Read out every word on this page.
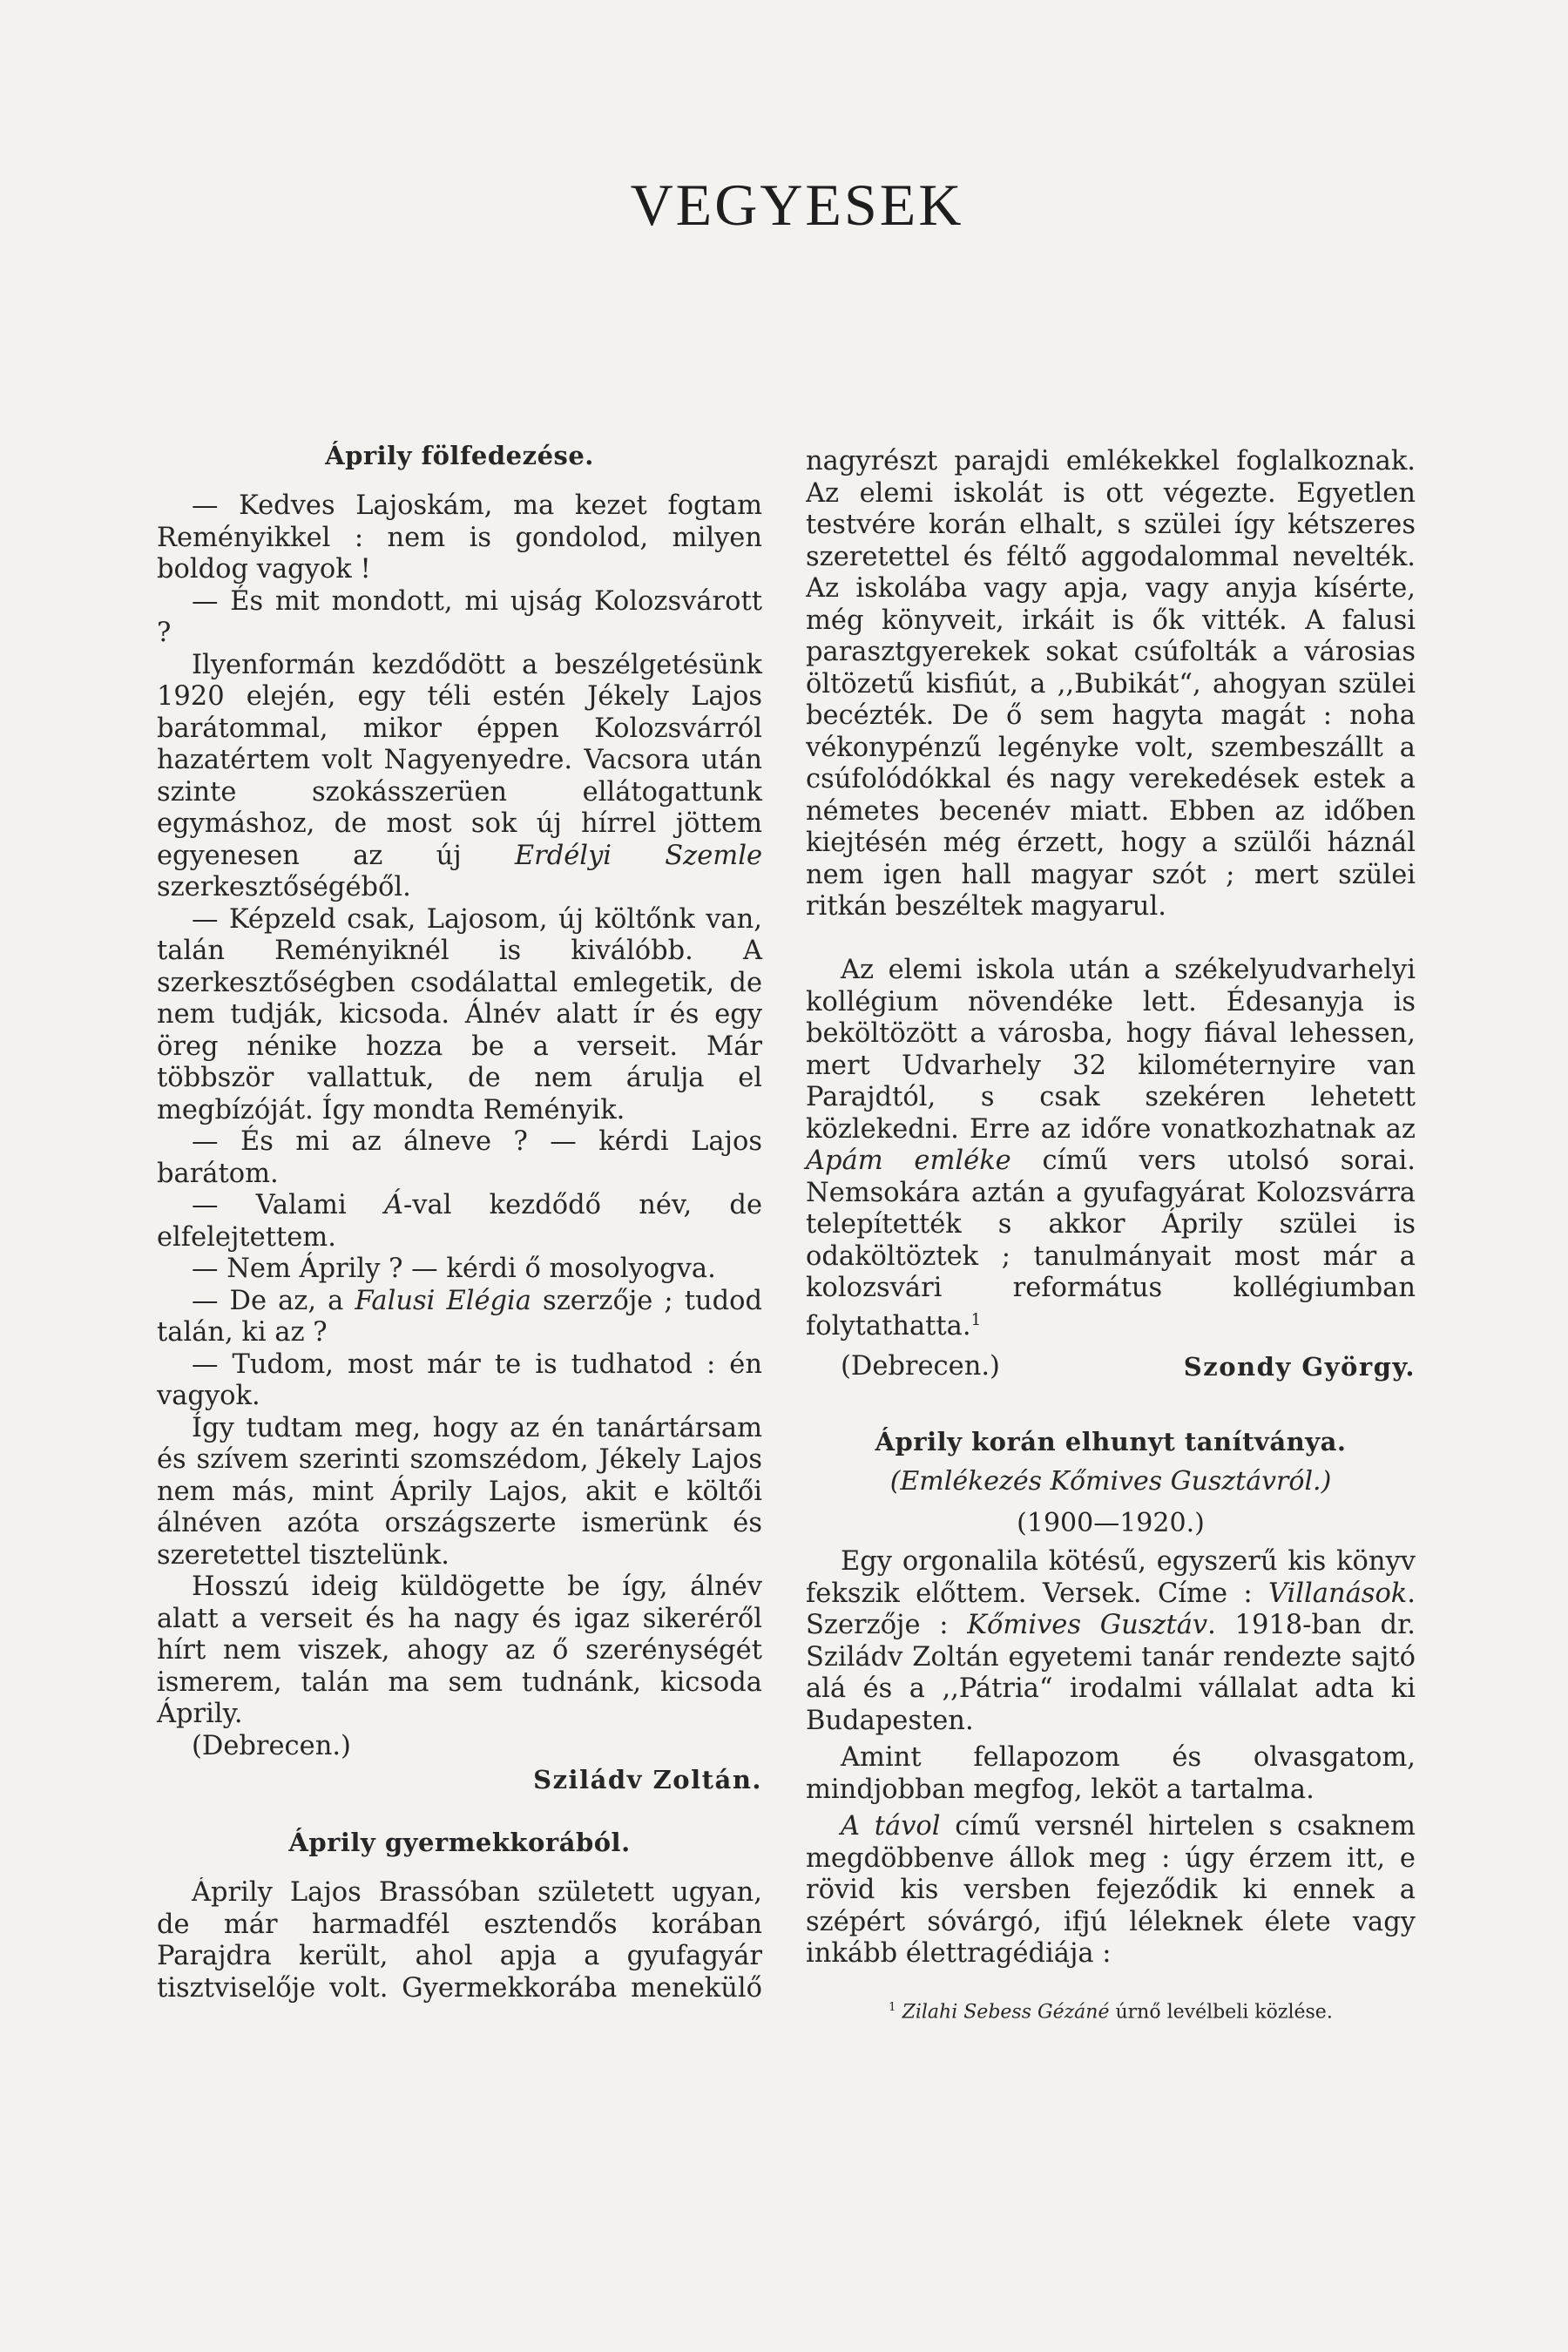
VEGYESEK
Áprily fölfedezése.

— Kedves Lajoskám, ma kezet fogtam Reményikkel : nem is gondolod, milyen boldog vagyok !

— És mit mondott, mi ujság Kolozsvárott ?

Ilyenformán kezdődött a beszélgetésünk 1920 elején, egy téli estén Jékely Lajos barátommal, mikor éppen Kolozsvárról hazatértem volt Nagyenyedre. Vacsora után szinte szokásszerüen ellátogattunk egymáshoz, de most sok új hírrel jöttem egyenesen az új Erdélyi Szemle szerkesztőségéből.

— Képzeld csak, Lajosom, új költőnk van, talán Reményiknél is kiválóbb. A szerkesztőségben csodálattal emlegetik, de nem tudják, kicsoda. Álnév alatt ír és egy öreg nénike hozza be a verseit. Már többször vallattuk, de nem árulja el megbízóját. Így mondta Reményik.

— És mi az álneve ? — kérdi Lajos barátom.

— Valami Á-val kezdődő név, de elfelejtettem.

— Nem Áprily ? — kérdi ő mosolyogva.

— De az, a Falusi Elégia szerzője ; tudod talán, ki az ?

— Tudom, most már te is tudhatod : én vagyok.

Így tudtam meg, hogy az én tanártársam és szívem szerinti szomszédom, Jékely Lajos nem más, mint Áprily Lajos, akit e költői álnéven azóta országszerte ismerünk és szeretettel tisztelünk.

Hosszú ideig küldögette be így, álnév alatt a verseit és ha nagy és igaz sikeréről hírt nem viszek, ahogy az ő szerénységét ismerem, talán ma sem tudnánk, kicsoda Áprily.

(Debrecen.)

Sziládv Zoltán.
Áprily gyermekkorából.

Áprily Lajos Brassóban született ugyan, de már harmadfél esztendős korában Parajdra került, ahol apja a gyufagyár tisztviselője volt. Gyermekkorába menekülő

nagyrészt parajdi emlékekkel foglalkoznak. Az elemi iskolát is ott végezte. Egyetlen testvére korán elhalt, s szülei így kétszeres szeretettel és féltő aggodalommal nevelték. Az iskolába vagy apja, vagy anyja kísérte, még könyveit, irkáit is ők vitték. A falusi parasztgyerekek sokat csúfolták a városias öltözetű kisfiút, a ,,Bubikát“, ahogyan szülei becézték. De ő sem hagyta magát : noha vékonypénzű legényke volt, szembeszállt a csúfolódókkal és nagy verekedések estek a németes becenév miatt. Ebben az időben kiejtésén még érzett, hogy a szülői háznál nem igen hall magyar szót ; mert szülei ritkán beszéltek magyarul.

Az elemi iskola után a székelyudvarhelyi kollégium növendéke lett. Édesanyja is beköltözött a városba, hogy fiával lehessen, mert Udvarhely 32 kilométernyire van Parajdtól, s csak szekéren lehetett közlekedni. Erre az időre vonatkozhatnak az Apám emléke című vers utolsó sorai. Nemsokára aztán a gyufagyárat Kolozsvárra telepítették s akkor Áprily szülei is odaköltöztek ; tanulmányait most már a kolozsvári református kollégiumban folytathatta.$^1$

(Debrecen.)	Szondy György.
Áprily korán elhunyt tanítványa.
(Emlékezés Kőmives Gusztávról.)
(1900—1920.)

Egy orgonalila kötésű, egyszerű kis könyv fekszik előttem. Versek. Címe : Villanások. Szerzője : Kőmives Gusztáv. 1918-ban dr. Sziládv Zoltán egyetemi tanár rendezte sajtó alá és a ,,Pátria“ irodalmi vállalat adta ki Budapesten.

Amint fellapozom és olvasgatom, mindjobban megfog, leköt a tartalma.

A távol című versnél hirtelen s csaknem megdöbbenve állok meg : úgy érzem itt, e rövid kis versben fejeződik ki ennek a szépért sóvárgó, ifjú léleknek élete vagy inkább élettragédiája :

$^1$ Zilahi Sebess Gézáné úrnő levélbeli közlése.
